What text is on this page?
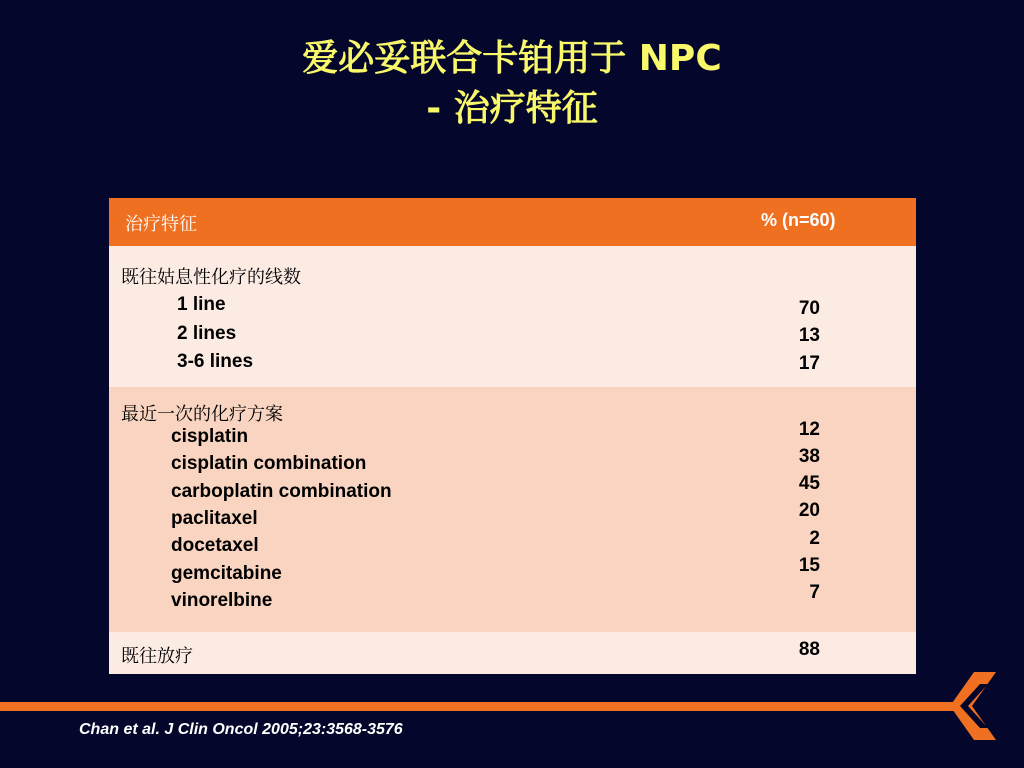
爱必妥联合卡铂用于 NPC
- 治疗特征
治疗特征	% (n=60)
既往姑息性化疗的线数
1 line
2 lines
3-6 lines
70
13
17
最近一次的化疗方案
cisplatin
cisplatin combination
carboplatin combination
paclitaxel
docetaxel
gemcitabine
vinorelbine
12
38
45
20
2
15
7
既往放疗	88
Chan et al. J Clin Oncol 2005;23:3568-3576
